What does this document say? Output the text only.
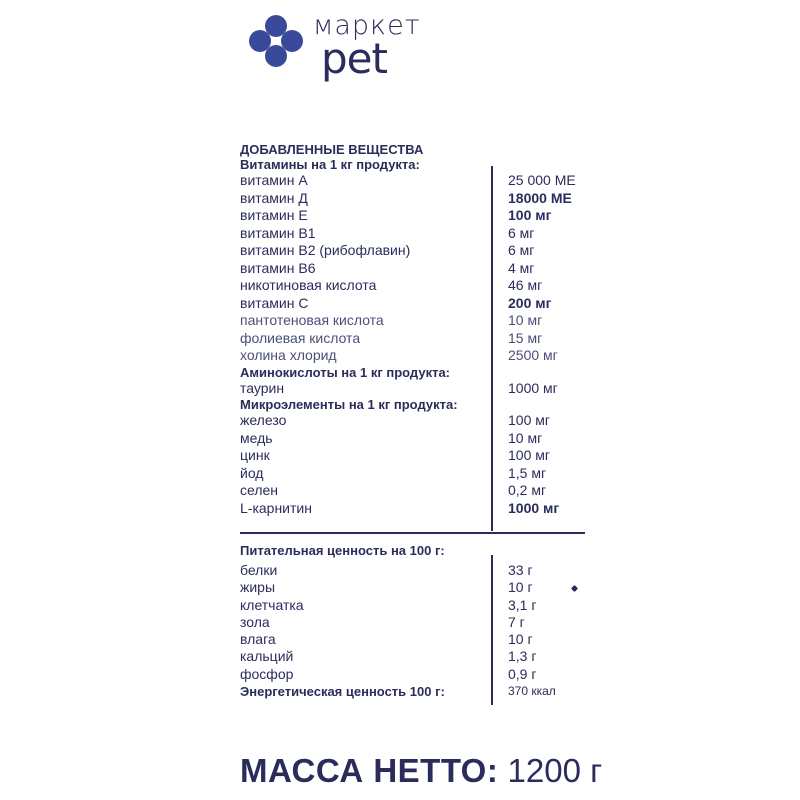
маркет
pet
ДОБАВЛЕННЫЕ ВЕЩЕСТВА
Витамины на 1 кг продукта:
витамин А	25 000 МЕ
витамин Д	18000 МЕ
витамин Е	100 мг
витамин В1	6 мг
витамин В2 (рибофлавин)	6 мг
витамин В6	4 мг
никотиновая кислота	46 мг
витамин С	200 мг
пантотеновая кислота	10 мг
фолиевая кислота	15 мг
холина хлорид	2500 мг
Аминокислоты на 1 кг продукта:
таурин	1000 мг
Микроэлементы на 1 кг продукта:
железо	100 мг
медь	10 мг
цинк	100 мг
йод	1,5 мг
селен	0,2 мг
L-карнитин	1000 мг
Питательная ценность на 100 г:
белки	33 г
жиры	10 г
клетчатка	3,1 г
зола	7 г
влага	10 г
кальций	1,3 г
фосфор	0,9 г
Энергетическая ценность 100 г:	370 ккал
МАССА НЕТТО: 1200 г
